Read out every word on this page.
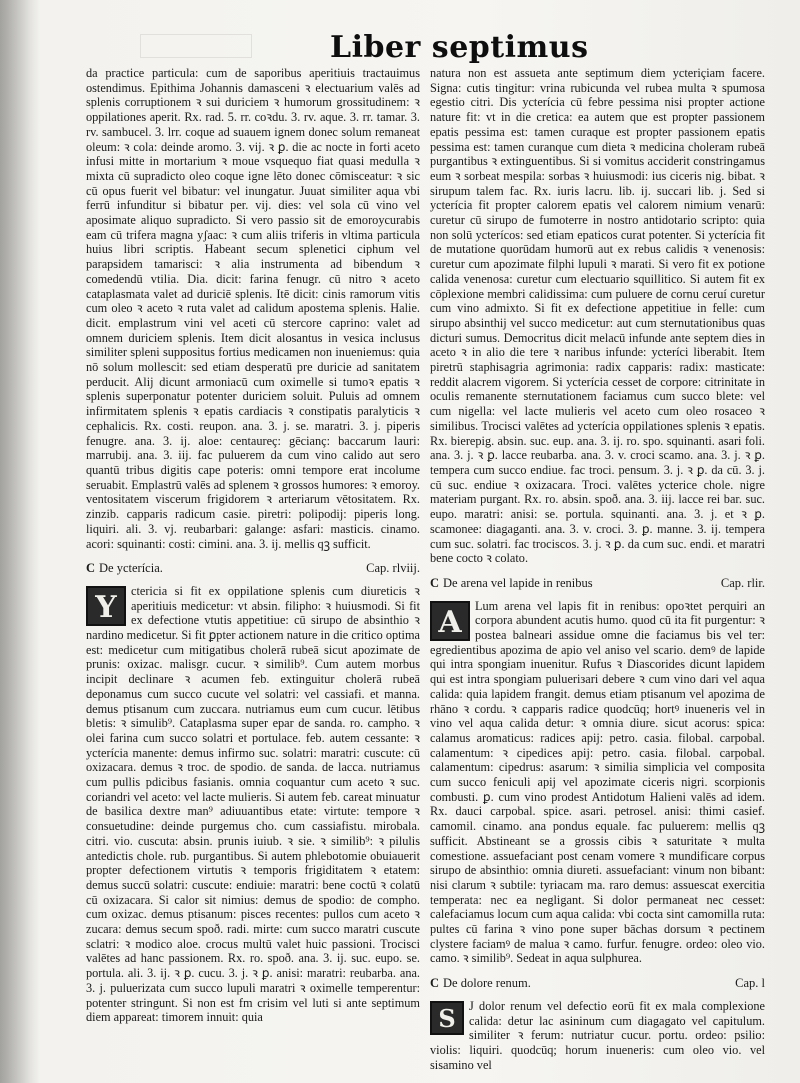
Liber septimus

da practice particula: cum de saporibus aperitiuis tractauimus ostendimus. Epithima Johannis damasceni ꝛ electuarium valēs ad splenis corruptionem ꝛ sui duriciem ꝛ humorum grossitudinem: ꝛ oppilationes aperit. Rx. rad. 5. rr. coꝛdu. 3. rv. aque. 3. rr. tamar. 3. rv. sambucel. 3. lrr. coque ad suauem ignem donec solum remaneat oleum: ꝛ cola: deinde aromo. 3. vij. ꝛ ꝑ. die ac nocte in forti aceto infusi mitte in mortarium ꝛ moue vsquequo fiat quasi medulla ꝛ mixta cū supradicto oleo coque igne lēto donec cōmisceatur: ꝛ sic cū opus fuerit vel bibatur: vel inungatur. Juuat similiter aqua vbi ferrū infunditur si bibatur per. vij. dies: vel sola cū vino vel aposimate aliquo supradicto. Si vero passio sit de emoroycurabis eam cū trifera magna yʃaac: ꝛ cum aliis triferis in vltima particula huius libri scriptis. Habeant secum splenetici ciphum vel parapsidem tamarisci: ꝛ alia instrumenta ad bibendum ꝛ comedendū vtilia. Dia. dicit: farina fenugr. cū nitro ꝛ aceto cataplasmata valet ad duriciē splenis. Itē dicit: cinis ramorum vitis cum oleo ꝛ aceto ꝛ ruta valet ad calidum apostema splenis. Halie. dicit. emplastrum vini vel aceti cū stercore caprino: valet ad omnem duriciem splenis. Item dicit alosantus in vesica inclusus similiter spleni suppositus fortius medicamen non inueniemus: quia nō solum mollescit: sed etiam desperatū pre duricie ad sanitatem perducit. Alij dicunt armoniacū cum oximelle si tumoꝛ epatis ꝛ splenis superponatur potenter duriciem soluit. Puluis ad omnem infirmitatem splenis ꝛ epatis cardiacis ꝛ constipatis paralyticis ꝛ cephalicis. Rx. costi. reupon. ana. 3. j. se. maratri. 3. j. piperis fenugre. ana. 3. ij. aloe: centaureç: gēcianç: baccarum lauri: marrubij. ana. 3. iij. fac puluerem da cum vino calido aut sero quantū tribus digitis cape poteris: omni tempore erat incolume seruabit. Emplastrū valēs ad splenem ꝛ grossos humores: ꝛ emoroy. ventositatem viscerum frigidorem ꝛ arteriarum vētositatem. Rx. zinzib. capparis radicum casie. piretri: polipodij: piperis long. liquiri. ali. 3. vj. reubarbari: galange: asfari: masticis. cinamo. acori: squinanti: costi: cimini. ana. 3. ij. mellis qꝫ sufficit.

C De ycterícia.	Cap. rlviij.
Y	ctericia si fit ex oppilatione splenis cum diureticis ꝛ aperitiuis medicetur: vt absin. filipho: ꝛ huiusmodi. Si fit ex defectione vtutis appetitiue: cū sirupo de absinthio ꝛ nardino medicetur. Si fit ꝑpter actionem nature in die critico optima est: medicetur cum mitigatibus cholerā rubeā sicut apozimate de prunis: oxizac. malisgr. cucur. ꝛ similib⁹. Cum autem morbus incipit declinare ꝛ acumen feb. extinguitur cholerā rubeā deponamus cum succo cucute vel solatri: vel cassiafi. et manna. demus ptisanum cum zuccara. nutriamus eum cum cucur. lētibus bletis: ꝛ simulib⁹. Cataplasma super epar de sanda. ro. campho. ꝛ olei farina cum succo solatri et portulace. feb. autem cessante: ꝛ ycterícia manente: demus infirmo suc. solatri: maratri: cuscute: cū oxizacara. demus ꝛ troc. de spodio. de sanda. de lacca. nutriamus cum pullis pdicibus fasianis. omnia coquantur cum aceto ꝛ suc. coriandri vel aceto: vel lacte mulieris. Si autem feb. careat minuatur de basilica dextre man⁹ adiuuantibus etate: virtute: tempore ꝛ consuetudine: deinde purgemus cho. cum cassiafistu. mirobala. citri. vio. cuscuta: absin. prunis iuiub. ꝛ sie. ꝛ similib⁹: ꝛ pilulis antedictis chole. rub. purgantibus. Si autem phlebotomie obuiauerit propter defectionem virtutis ꝛ temporis frigiditatem ꝛ etatem: demus succū solatri: cuscute: endiuie: maratri: bene coctū ꝛ colatū cū oxizacara. Si calor sit nimius: demus de spodio: de compho. cum oxizac. demus ptisanum: pisces recentes: pullos cum aceto ꝛ zucara: demus secum spoð. radi. mirte: cum succo maratri cuscute sclatri: ꝛ modico aloe. crocus multū valet huic passioni. Trocisci valētes ad hanc passionem. Rx. ro. spoð. ana. 3. ij. suc. eupo. se. portula. ali. 3. ij. ꝛ ꝑ. cucu. 3. j. ꝛ ꝑ. anisi: maratri: reubarba. ana. 3. j. puluerizata cum succo lupuli maratri ꝛ oximelle temperentur: potenter stringunt. Si non est fm crisim vel luti si ante septimum diem appareat: timorem innuit: quia

natura non est assueta ante septimum diem ycteriçiam facere. Signa: cutis tingitur: vrina rubicunda vel rubea multa ꝛ spumosa egestio citri. Dis ycterícia cū febre pessima nisi propter actione nature fit: vt in die cretica: ea autem que est propter passionem epatis pessima est: tamen curaque est propter passionem epatis pessima est: tamen curanque cum dieta ꝛ medicina choleram rubeā purgantibus ꝛ extinguentibus. Si si vomitus acciderit constringamus eum ꝛ sorbeat mespila: sorbas ꝛ huiusmodi: ius ciceris nig. bibat. ꝛ sirupum talem fac. Rx. iuris lacru. lib. ij. succari lib. j. Sed si ycterícia fit propter calorem epatis vel calorem nimium venarū: curetur cū sirupo de fumoterre in nostro antidotario scripto: quia non solū ycterícos: sed etiam epaticos curat potenter. Si ycterícia fit de mutatione quorūdam humorū aut ex rebus calidis ꝛ venenosis: curetur cum apozimate filphi lupuli ꝛ marati. Si vero fit ex potione calida venenosa: curetur cum electuario squillitico. Si autem fit ex cōplexione membri calidissima: cum puluere de cornu ceruí curetur cum vino admixto. Si fit ex defectione appetitiue in felle: cum sirupo absinthij vel succo medicetur: aut cum sternutationibus quas dicturi sumus. Democritus dicit melacū infunde ante septem dies in aceto ꝛ in alio die tere ꝛ naribus infunde: ycteríci liberabit. Item piretrū staphisagria agrimonia: radix capparis: radix: masticate: reddit alacrem vigorem. Si ycterícia cesset de corpore: citrinitate in oculis remanente sternutationem faciamus cum succo blete: vel cum nigella: vel lacte mulieris vel aceto cum oleo rosaceo ꝛ similibus. Trocisci valētes ad ycterícia oppilationes splenis ꝛ epatis. Rx. bierepig. absin. suc. eup. ana. 3. ij. ro. spo. squinanti. asari foli. ana. 3. j. ꝛ ꝑ. lacce reubarba. ana. 3. v. croci scamo. ana. 3. j. ꝛ ꝑ. tempera cum succo endiue. fac troci. pensum. 3. j. ꝛ ꝑ. da cū. 3. j. cū suc. endiue ꝛ oxizacara. Troci. valētes ycterice chole. nigre materiam purgant. Rx. ro. absin. spoð. ana. 3. iij. lacce rei bar. suc. eupo. maratri: anisi: se. portula. squinanti. ana. 3. j. et ꝛ ꝑ. scamonee: diagaganti. ana. 3. v. croci. 3. ꝑ. manne. 3. ij. tempera cum suc. solatri. fac trociscos. 3. j. ꝛ ꝑ. da cum suc. endi. et maratri bene cocto ꝛ colato.

C De arena vel lapide in renibus	Cap. rlir.
A	Lum arena vel lapis fit in renibus: opoꝛtet perquiri an corpora abundent acutis humo. quod cū ita fit purgentur: ꝛ postea balneari assidue omne die faciamus bis vel ter: egredientibus apozima de apio vel aniso vel scario. demꝰ de lapide qui intra spongiam inuenitur. Rufus ꝛ Diascorides dicunt lapidem qui est intra spongiam pulueriзari debere ꝛ cum vino dari vel aqua calida: quia lapidem frangit. demus etiam ptisanum vel apozima de rhāno ꝛ cordu. ꝛ capparis radice quodcūq; hortꝰ inueneris vel in vino vel aqua calida detur: ꝛ omnia diure. sicut acorus: spica: calamus aromaticus: radices apij: petro. casia. filobal. carpobal. calamentum: ꝛ cipedices apij: petro. casia. filobal. carpobal. calamentum: cipedrus: asarum: ꝛ similia simplicia vel composita cum succo feniculi apij vel apozimate ciceris nigri. scorpionis combusti. ꝑ. cum vino prodest Antidotum Halieni valēs ad idem. Rx. dauci carpobal. spice. asari. petrosel. anisi: thimi casief. camomil. cinamo. ana pondus equale. fac puluerem: mellis qꝫ sufficit. Abstineant se a grossis cibis ꝛ saturitate ꝛ multa comestione. assuefaciant post cenam vomere ꝛ mundificare corpus sirupo de absinthio: omnia diureti. assuefaciant: vinum non bibant: nisi clarum ꝛ subtile: tyriacam ma. raro demus: assuescat exercitia temperata: nec ea negligant. Si dolor permaneat nec cesset: calefaciamus locum cum aqua calida: vbi cocta sint camomilla ruta: pultes cū farina ꝛ vino pone super bāchas dorsum ꝛ pectinem clystere faciamꝰ de malua ꝛ camo. furfur. fenugre. ordeo: oleo vio. camo. ꝛ similib⁹. Sedeat in aqua sulphurea.

C De dolore renum.	Cap. l
S	J dolor renum vel defectio eorū fit ex mala complexione calida: detur lac asininum cum diagagato vel capitulum. similiter ꝛ ferum: nutriatur cucur. portu. ordeo: psilio: violis: liquiri. quodcūq; horum inueneris: cum oleo vio. vel sisamino vel
